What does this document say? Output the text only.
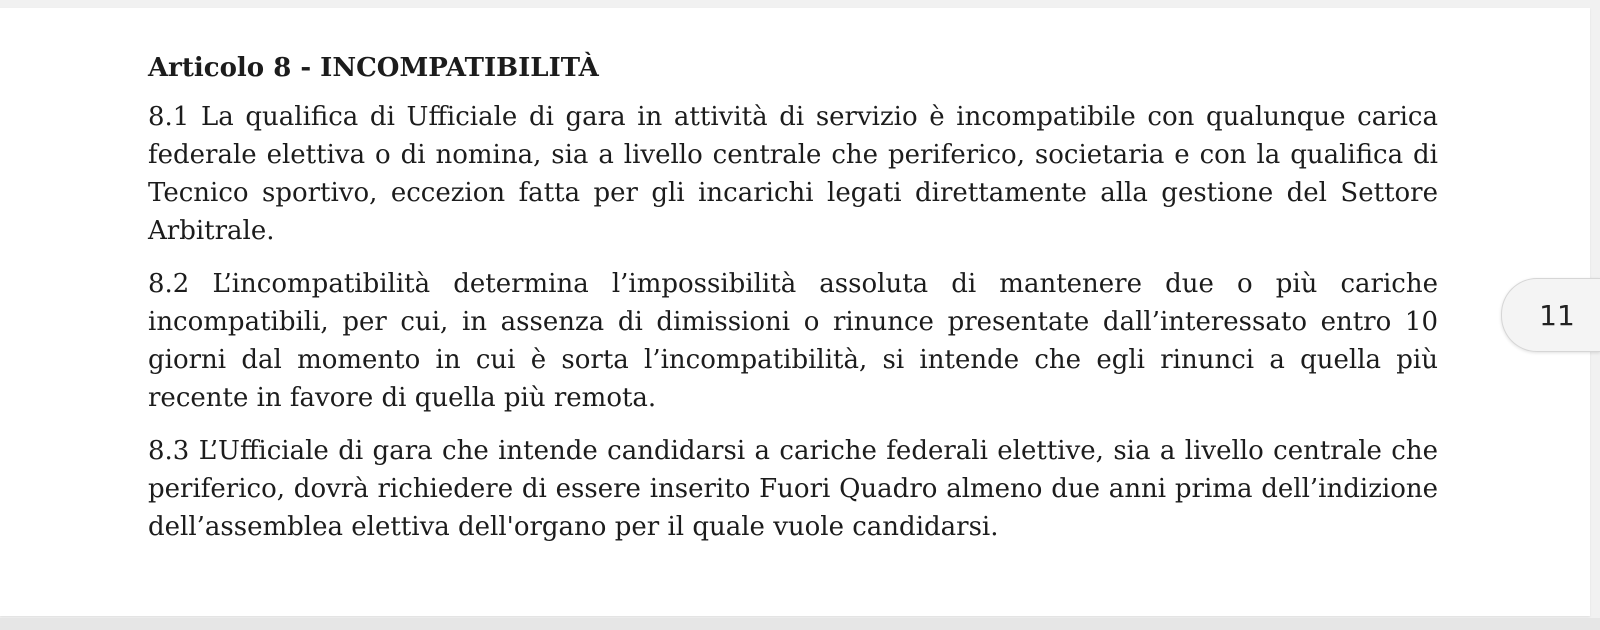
Articolo 8 - INCOMPATIBILITÀ

8.1 La qualifica di Ufficiale di gara in attività di servizio è incompatibile con qualunque carica federale elettiva o di nomina, sia a livello centrale che periferico, societaria e con la qualifica di Tecnico sportivo, eccezion fatta per gli incarichi legati direttamente alla gestione del Settore Arbitrale.

8.2 L’incompatibilità determina l’impossibilità assoluta di mantenere due o più cariche incompatibili, per cui, in assenza di dimissioni o rinunce presentate dall’interessato entro 10 giorni dal momento in cui è sorta l’incompatibilità, si intende che egli rinunci a quella più recente in favore di quella più remota.

8.3 L’Ufficiale di gara che intende candidarsi a cariche federali elettive, sia a livello centrale che periferico, dovrà richiedere di essere inserito Fuori Quadro almeno due anni prima dell’indizione dell’assemblea elettiva dell'organo per il quale vuole candidarsi.

11
